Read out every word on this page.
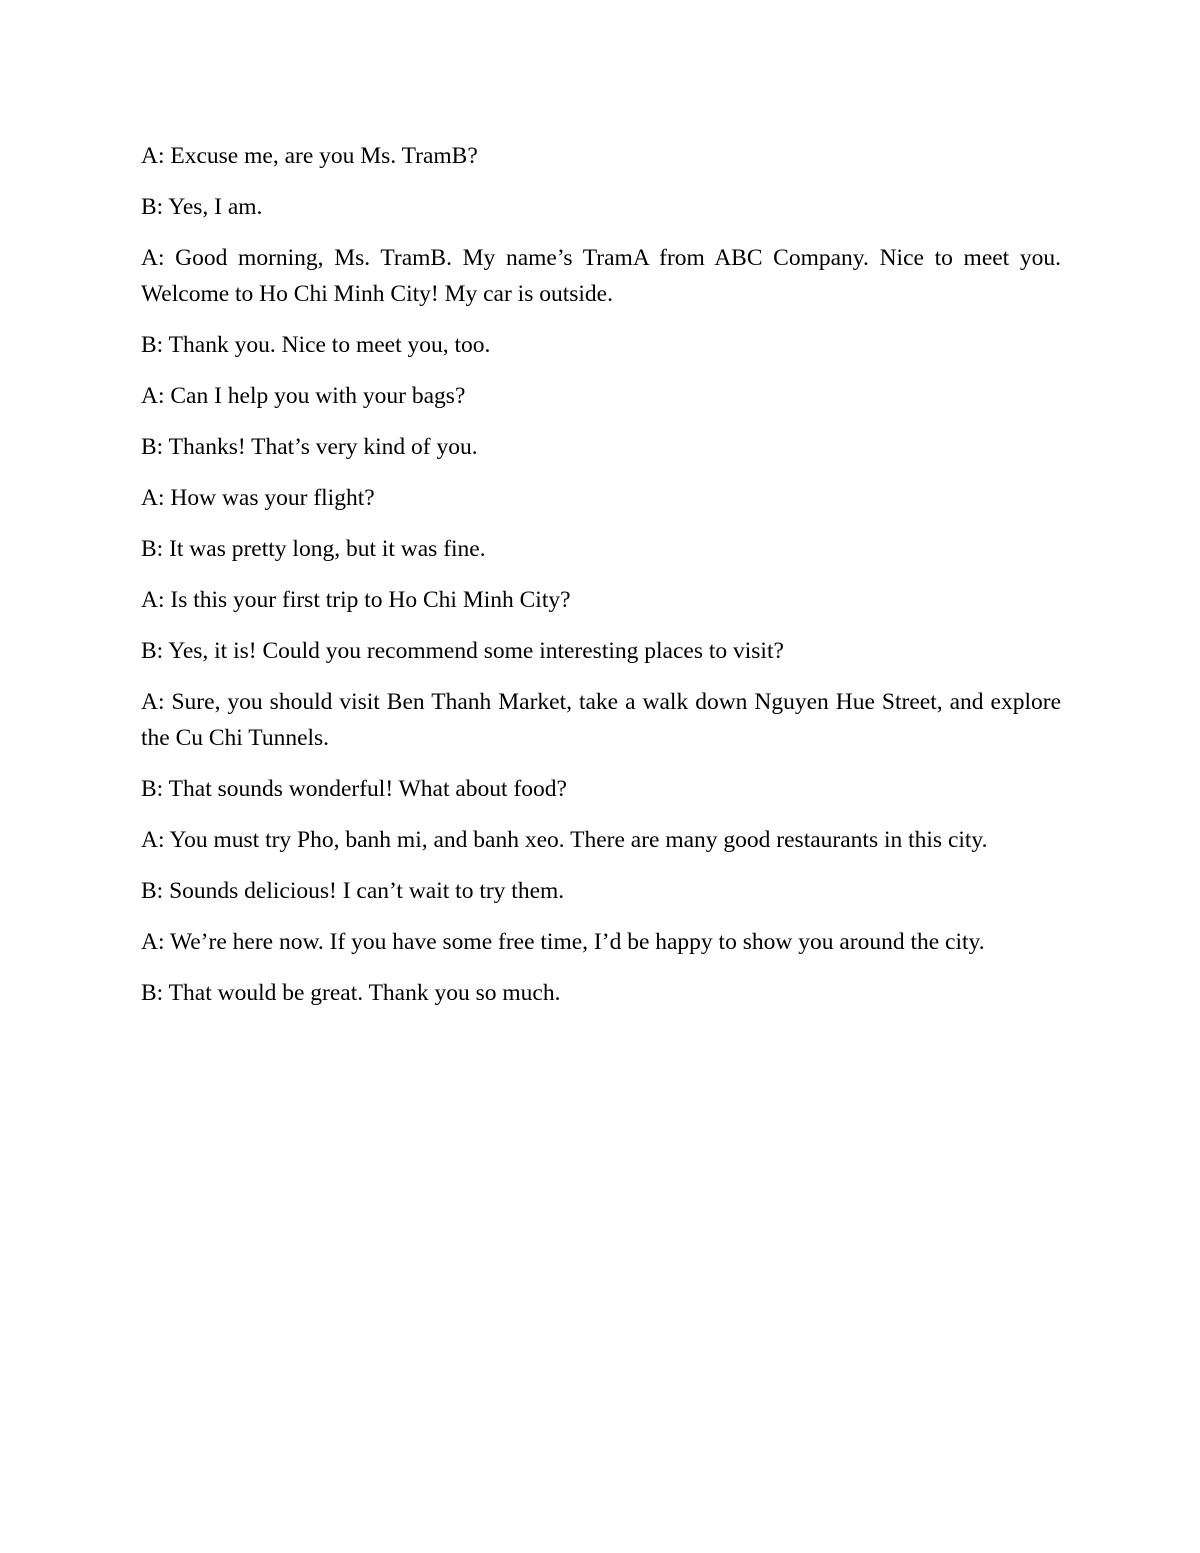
A: Excuse me, are you Ms. TramB?

B: Yes, I am.

A: Good morning, Ms. TramB. My name’s TramA from ABC Company. Nice to meet you. Welcome to Ho Chi Minh City! My car is outside.

B: Thank you. Nice to meet you, too.

A: Can I help you with your bags?

B: Thanks! That’s very kind of you.

A: How was your flight?

B: It was pretty long, but it was fine.

A: Is this your first trip to Ho Chi Minh City?

B: Yes, it is! Could you recommend some interesting places to visit?

A: Sure, you should visit Ben Thanh Market, take a walk down Nguyen Hue Street, and explore the Cu Chi Tunnels.

B: That sounds wonderful! What about food?

A: You must try Pho, banh mi, and banh xeo. There are many good restaurants in this city.

B: Sounds delicious! I can’t wait to try them.

A: We’re here now. If you have some free time, I’d be happy to show you around the city.

B: That would be great. Thank you so much.
